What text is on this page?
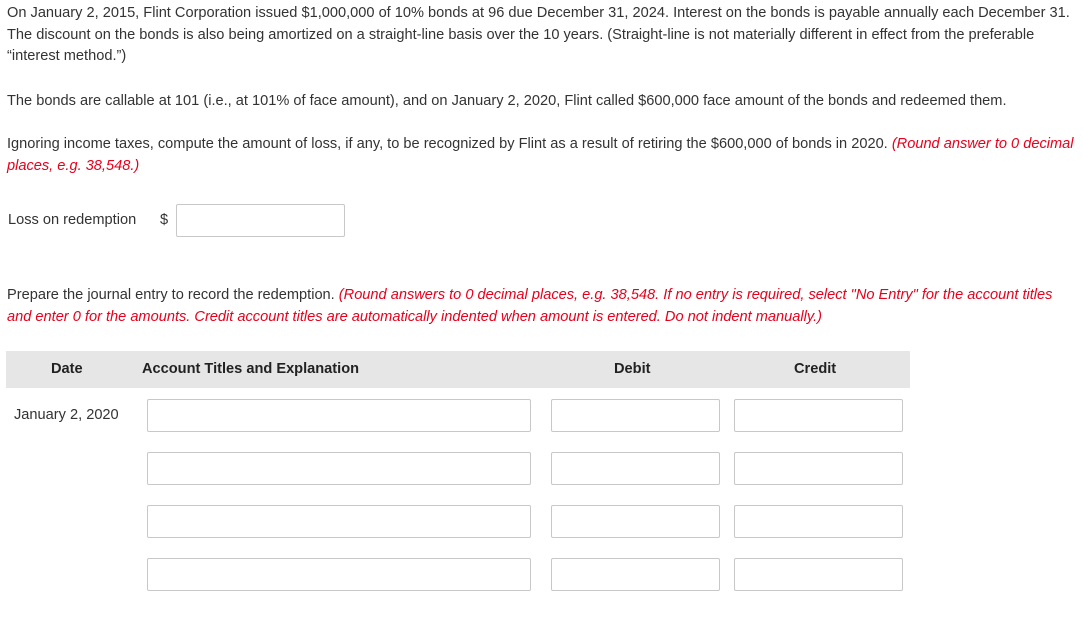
On January 2, 2015, Flint Corporation issued $1,000,000 of 10% bonds at 96 due December 31, 2024. Interest on the bonds is payable annually each December 31. The discount on the bonds is also being amortized on a straight-line basis over the 10 years. (Straight-line is not materially different in effect from the preferable “interest method.”)

The bonds are callable at 101 (i.e., at 101% of face amount), and on January 2, 2020, Flint called $600,000 face amount of the bonds and redeemed them.

Ignoring income taxes, compute the amount of loss, if any, to be recognized by Flint as a result of retiring the $600,000 of bonds in 2020. (Round answer to 0 decimal places, e.g. 38,548.)

Loss on redemption $

Prepare the journal entry to record the redemption. (Round answers to 0 decimal places, e.g. 38,548. If no entry is required, select "No Entry" for the account titles and enter 0 for the amounts. Credit account titles are automatically indented when amount is entered. Do not indent manually.)

Date	Account Titles and Explanation	Debit	Credit
January 2, 2020
